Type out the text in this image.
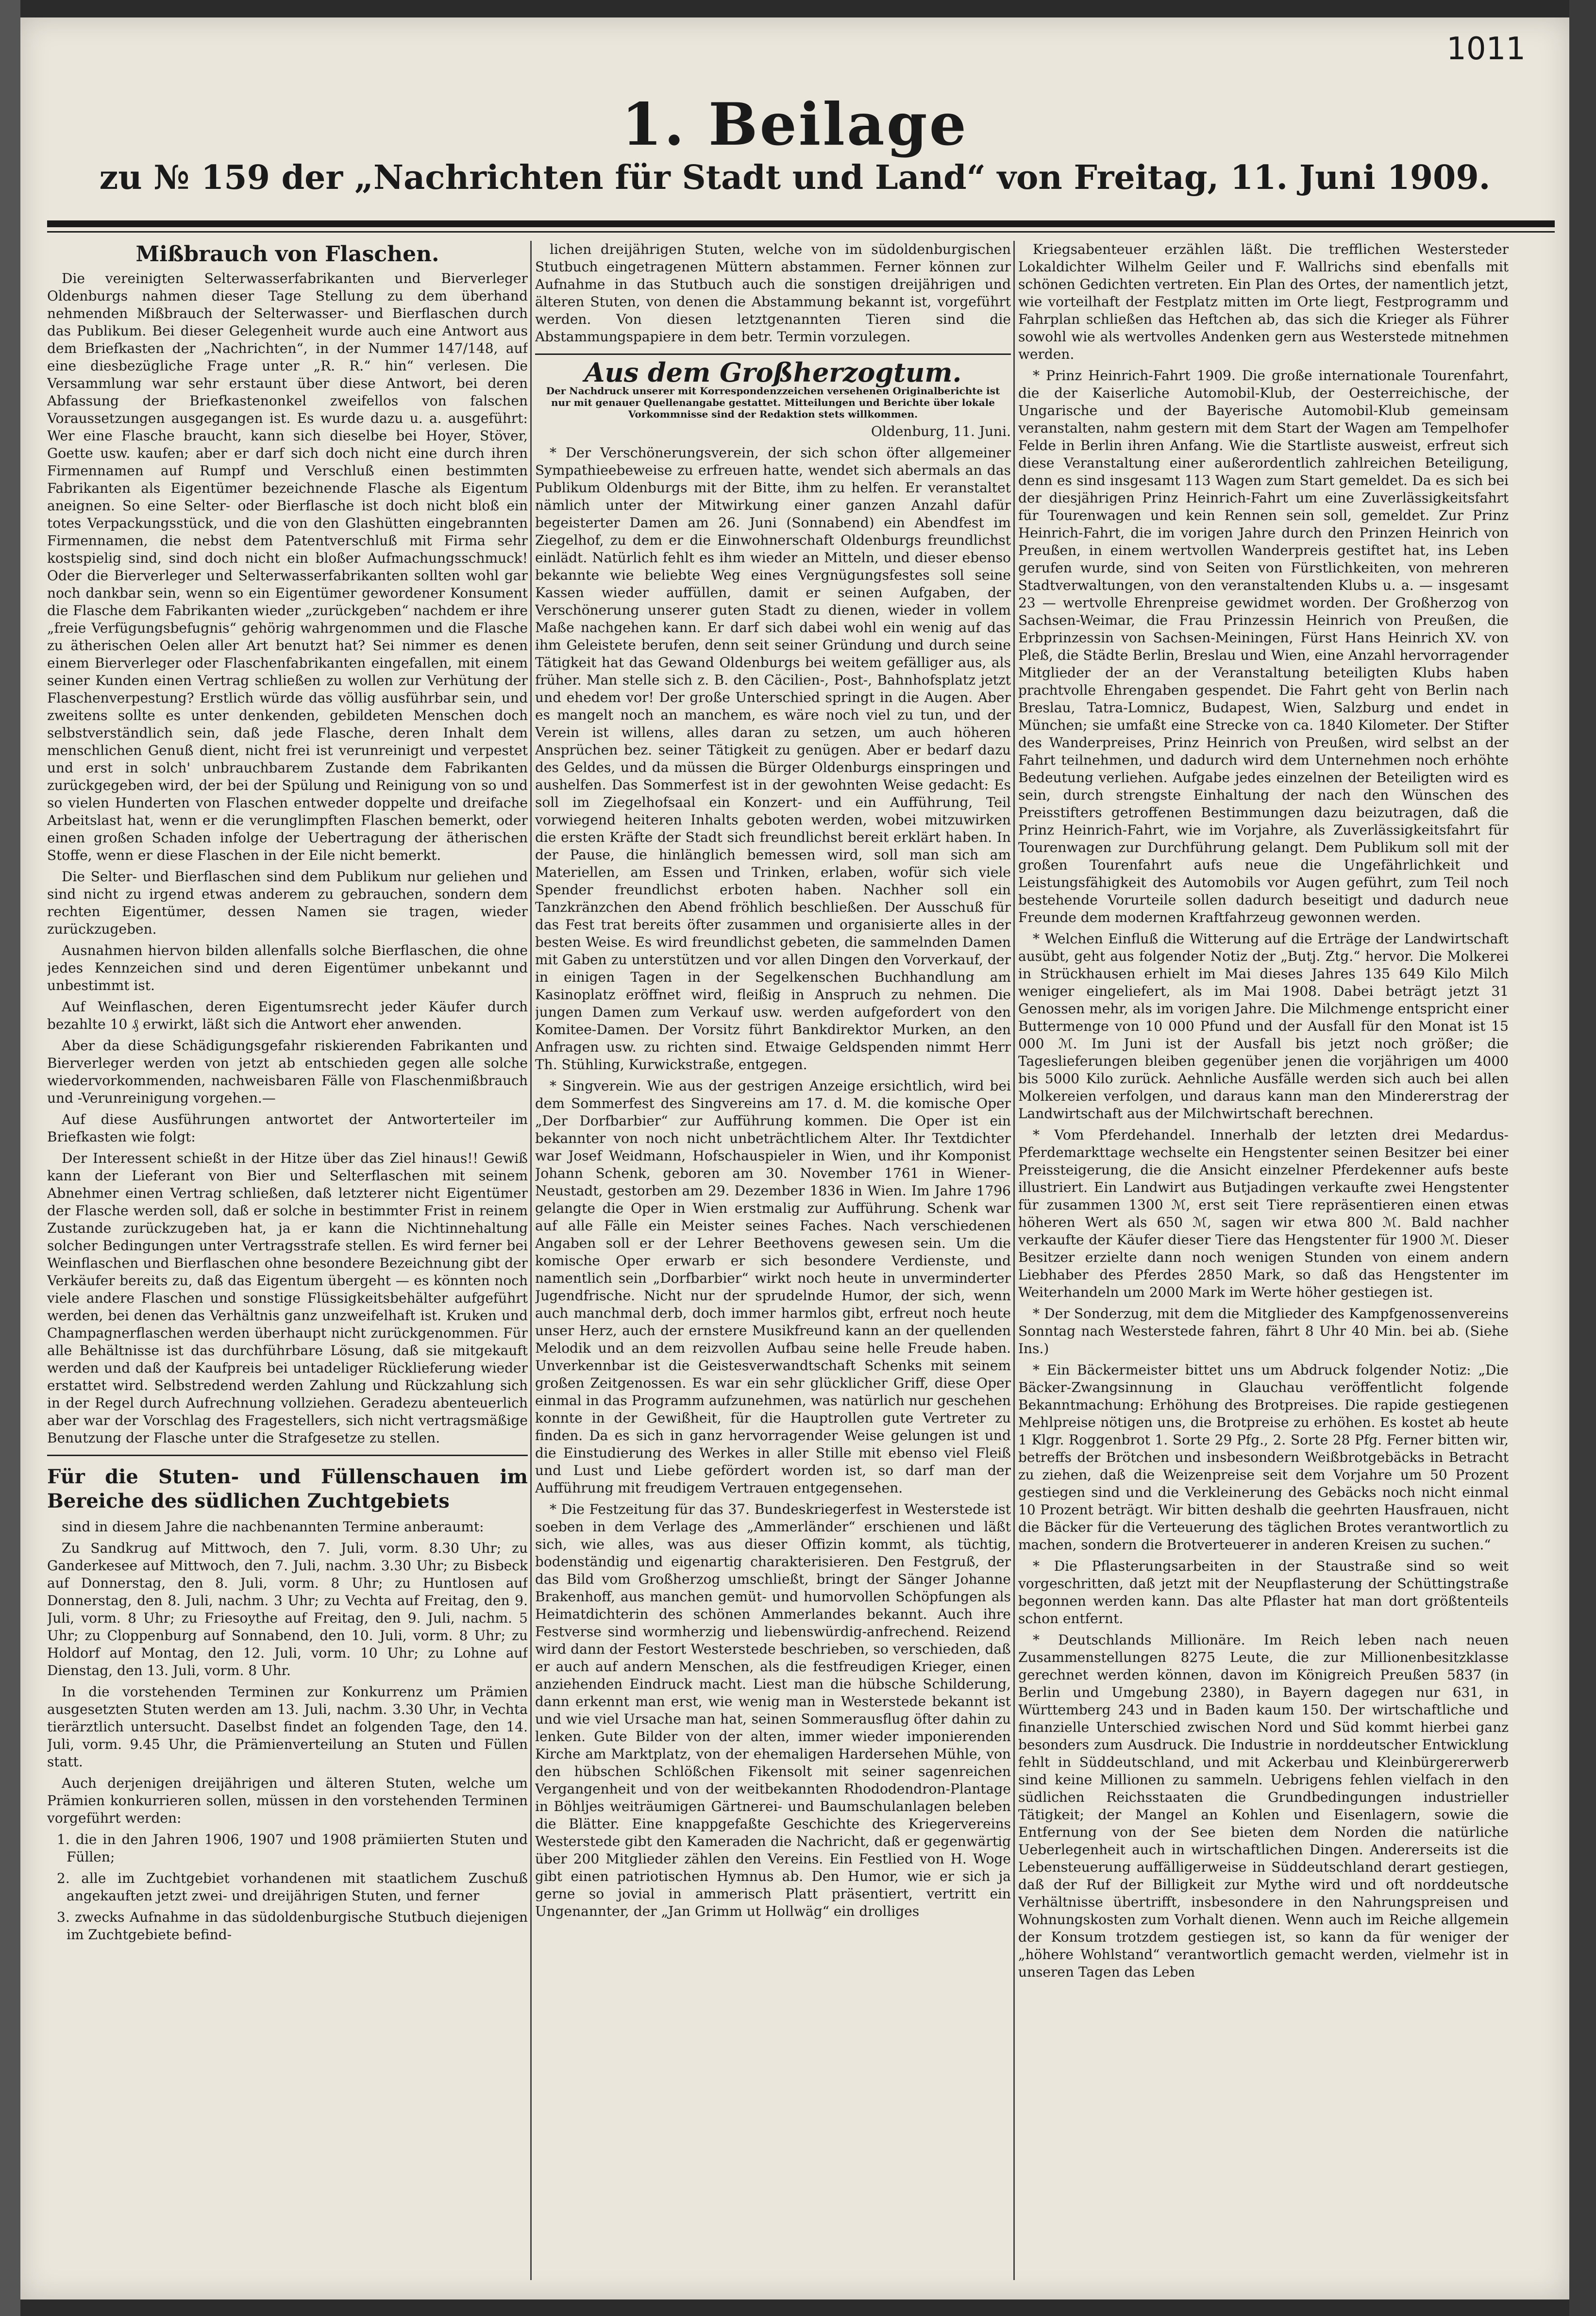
1011
1. Beilage
zu № 159 der „Nachrichten für Stadt und Land“ von Freitag, 11. Juni 1909.
Mißbrauch von Flaschen.

Die vereinigten Selterwasserfabrikanten und Bierverleger Oldenburgs nahmen dieser Tage Stellung zu dem überhand nehmenden Mißbrauch der Selterwasser- und Bierflaschen durch das Publikum. Bei dieser Gelegenheit wurde auch eine Antwort aus dem Briefkasten der „Nachrichten“, in der Nummer 147/148, auf eine diesbezügliche Frage unter „R. R.“ hin“ verlesen. Die Versammlung war sehr erstaunt über diese Antwort, bei deren Abfassung der Briefkastenonkel zweifellos von falschen Voraussetzungen ausgegangen ist. Es wurde dazu u. a. ausgeführt: Wer eine Flasche braucht, kann sich dieselbe bei Hoyer, Stöver, Goette usw. kaufen; aber er darf sich doch nicht eine durch ihren Firmennamen auf Rumpf und Verschluß einen bestimmten Fabrikanten als Eigentümer bezeichnende Flasche als Eigentum aneignen. So eine Selter- oder Bierflasche ist doch nicht bloß ein totes Verpackungsstück, und die von den Glashütten eingebrannten Firmennamen, die nebst dem Patentverschluß mit Firma sehr kostspielig sind, sind doch nicht ein bloßer Aufmachungsschmuck! Oder die Bierverleger und Selterwasserfabrikanten sollten wohl gar noch dankbar sein, wenn so ein Eigentümer gewordener Konsument die Flasche dem Fabrikanten wieder „zurückgeben“ nachdem er ihre „freie Verfügungsbefugnis“ gehörig wahrgenommen und die Flasche zu ätherischen Oelen aller Art benutzt hat? Sei nimmer es denen einem Bierverleger oder Flaschenfabrikanten eingefallen, mit einem seiner Kunden einen Vertrag schließen zu wollen zur Verhütung der Flaschenverpestung? Erstlich würde das völlig ausführbar sein, und zweitens sollte es unter denkenden, gebildeten Menschen doch selbstverständlich sein, daß jede Flasche, deren Inhalt dem menschlichen Genuß dient, nicht frei ist verunreinigt und verpestet und erst in solch' unbrauchbarem Zustande dem Fabrikanten zurückgegeben wird, der bei der Spülung und Reinigung von so und so vielen Hunderten von Flaschen entweder doppelte und dreifache Arbeitslast hat, wenn er die verunglimpften Flaschen bemerkt, oder einen großen Schaden infolge der Uebertragung der ätherischen Stoffe, wenn er diese Flaschen in der Eile nicht bemerkt.

Die Selter- und Bierflaschen sind dem Publikum nur geliehen und sind nicht zu irgend etwas anderem zu gebrauchen, sondern dem rechten Eigentümer, dessen Namen sie tragen, wieder zurückzugeben.

Ausnahmen hiervon bilden allenfalls solche Bierflaschen, die ohne jedes Kennzeichen sind und deren Eigentümer unbekannt und unbestimmt ist.

Auf Weinflaschen, deren Eigentumsrecht jeder Käufer durch bezahlte 10 ₰ erwirkt, läßt sich die Antwort eher anwenden.

Aber da diese Schädigungsgefahr riskierenden Fabrikanten und Bierverleger werden von jetzt ab entschieden gegen alle solche wiedervorkommenden, nachweisbaren Fälle von Flaschenmißbrauch und -Verunreinigung vorgehen.—

Auf diese Ausführungen antwortet der Antworterteiler im Briefkasten wie folgt:

Der Interessent schießt in der Hitze über das Ziel hinaus!! Gewiß kann der Lieferant von Bier und Selterflaschen mit seinem Abnehmer einen Vertrag schließen, daß letzterer nicht Eigentümer der Flasche werden soll, daß er solche in bestimmter Frist in reinem Zustande zurückzugeben hat, ja er kann die Nichtinnehaltung solcher Bedingungen unter Vertragsstrafe stellen. Es wird ferner bei Weinflaschen und Bierflaschen ohne besondere Bezeichnung gibt der Verkäufer bereits zu, daß das Eigentum übergeht — es könnten noch viele andere Flaschen und sonstige Flüssigkeitsbehälter aufgeführt werden, bei denen das Verhältnis ganz unzweifelhaft ist. Kruken und Champagnerflaschen werden überhaupt nicht zurückgenommen. Für alle Behältnisse ist das durchführbare Lösung, daß sie mitgekauft werden und daß der Kaufpreis bei untadeliger Rücklieferung wieder erstattet wird. Selbstredend werden Zahlung und Rückzahlung sich in der Regel durch Aufrechnung vollziehen. Geradezu abenteuerlich aber war der Vorschlag des Fragestellers, sich nicht vertragsmäßige Benutzung der Flasche unter die Strafgesetze zu stellen.

Für die Stuten- und Füllenschauen im Bereiche des südlichen Zuchtgebiets

sind in diesem Jahre die nachbenannten Termine anberaumt:

Zu Sandkrug auf Mittwoch, den 7. Juli, vorm. 8.30 Uhr; zu Ganderkesee auf Mittwoch, den 7. Juli, nachm. 3.30 Uhr; zu Bisbeck auf Donnerstag, den 8. Juli, vorm. 8 Uhr; zu Huntlosen auf Donnerstag, den 8. Juli, nachm. 3 Uhr; zu Vechta auf Freitag, den 9. Juli, vorm. 8 Uhr; zu Friesoythe auf Freitag, den 9. Juli, nachm. 5 Uhr; zu Cloppenburg auf Sonnabend, den 10. Juli, vorm. 8 Uhr; zu Holdorf auf Montag, den 12. Juli, vorm. 10 Uhr; zu Lohne auf Dienstag, den 13. Juli, vorm. 8 Uhr.

In die vorstehenden Terminen zur Konkurrenz um Prämien ausgesetzten Stuten werden am 13. Juli, nachm. 3.30 Uhr, in Vechta tierärztlich untersucht. Daselbst findet an folgenden Tage, den 14. Juli, vorm. 9.45 Uhr, die Prämienverteilung an Stuten und Füllen statt.

Auch derjenigen dreijährigen und älteren Stuten, welche um Prämien konkurrieren sollen, müssen in den vorstehenden Terminen vorgeführt werden:

1. die in den Jahren 1906, 1907 und 1908 prämiierten Stuten und Füllen;

2. alle im Zuchtgebiet vorhandenen mit staatlichem Zuschuß angekauften jetzt zwei- und dreijährigen Stuten, und ferner

3. zwecks Aufnahme in das südoldenburgische Stutbuch diejenigen im Zuchtgebiete befind-

lichen dreijährigen Stuten, welche von im südoldenburgischen Stutbuch eingetragenen Müttern abstammen. Ferner können zur Aufnahme in das Stutbuch auch die sonstigen dreijährigen und älteren Stuten, von denen die Abstammung bekannt ist, vorgeführt werden. Von diesen letztgenannten Tieren sind die Abstammungspapiere in dem betr. Termin vorzulegen.

Aus dem Großherzogtum.
Der Nachdruck unserer mit Korrespondenzzeichen versehenen Originalberichte ist nur mit genauer Quellenangabe gestattet. Mitteilungen und Berichte über lokale Vorkommnisse sind der Redaktion stets willkommen.
Oldenburg, 11. Juni.

* Der Verschönerungsverein, der sich schon öfter allgemeiner Sympathieebeweise zu erfreuen hatte, wendet sich abermals an das Publikum Oldenburgs mit der Bitte, ihm zu helfen. Er veranstaltet nämlich unter der Mitwirkung einer ganzen Anzahl dafür begeisterter Damen am 26. Juni (Sonnabend) ein Abendfest im Ziegelhof, zu dem er die Einwohnerschaft Oldenburgs freundlichst einlädt. Natürlich fehlt es ihm wieder an Mitteln, und dieser ebenso bekannte wie beliebte Weg eines Vergnügungsfestes soll seine Kassen wieder auffüllen, damit er seinen Aufgaben, der Verschönerung unserer guten Stadt zu dienen, wieder in vollem Maße nachgehen kann. Er darf sich dabei wohl ein wenig auf das ihm Geleistete berufen, denn seit seiner Gründung und durch seine Tätigkeit hat das Gewand Oldenburgs bei weitem gefälliger aus, als früher. Man stelle sich z. B. den Cäcilien-, Post-, Bahnhofsplatz jetzt und ehedem vor! Der große Unterschied springt in die Augen. Aber es mangelt noch an manchem, es wäre noch viel zu tun, und der Verein ist willens, alles daran zu setzen, um auch höheren Ansprüchen bez. seiner Tätigkeit zu genügen. Aber er bedarf dazu des Geldes, und da müssen die Bürger Oldenburgs einspringen und aushelfen. Das Sommerfest ist in der gewohnten Weise gedacht: Es soll im Ziegelhofsaal ein Konzert- und ein Aufführung, Teil vorwiegend heiteren Inhalts geboten werden, wobei mitzuwirken die ersten Kräfte der Stadt sich freundlichst bereit erklärt haben. In der Pause, die hinlänglich bemessen wird, soll man sich am Materiellen, am Essen und Trinken, erlaben, wofür sich viele Spender freundlichst erboten haben. Nachher soll ein Tanzkränzchen den Abend fröhlich beschließen. Der Ausschuß für das Fest trat bereits öfter zusammen und organisierte alles in der besten Weise. Es wird freundlichst gebeten, die sammelnden Damen mit Gaben zu unterstützen und vor allen Dingen den Vorverkauf, der in einigen Tagen in der Segelkenschen Buchhandlung am Kasinoplatz eröffnet wird, fleißig in Anspruch zu nehmen. Die jungen Damen zum Verkauf usw. werden aufgefordert von den Komitee-Damen. Der Vorsitz führt Bankdirektor Murken, an den Anfragen usw. zu richten sind. Etwaige Geldspenden nimmt Herr Th. Stühling, Kurwickstraße, entgegen.

* Singverein. Wie aus der gestrigen Anzeige ersichtlich, wird bei dem Sommerfest des Singvereins am 17. d. M. die komische Oper „Der Dorfbarbier“ zur Aufführung kommen. Die Oper ist ein bekannter von noch nicht unbeträchtlichem Alter. Ihr Textdichter war Josef Weidmann, Hofschauspieler in Wien, und ihr Komponist Johann Schenk, geboren am 30. November 1761 in Wiener-Neustadt, gestorben am 29. Dezember 1836 in Wien. Im Jahre 1796 gelangte die Oper in Wien erstmalig zur Aufführung. Schenk war auf alle Fälle ein Meister seines Faches. Nach verschiedenen Angaben soll er der Lehrer Beethovens gewesen sein. Um die komische Oper erwarb er sich besondere Verdienste, und namentlich sein „Dorfbarbier“ wirkt noch heute in unverminderter Jugendfrische. Nicht nur der sprudelnde Humor, der sich, wenn auch manchmal derb, doch immer harmlos gibt, erfreut noch heute unser Herz, auch der ernstere Musikfreund kann an der quellenden Melodik und an dem reizvollen Aufbau seine helle Freude haben. Unverkennbar ist die Geistesverwandtschaft Schenks mit seinem großen Zeitgenossen. Es war ein sehr glücklicher Griff, diese Oper einmal in das Programm aufzunehmen, was natürlich nur geschehen konnte in der Gewißheit, für die Hauptrollen gute Vertreter zu finden. Da es sich in ganz hervorragender Weise gelungen ist und die Einstudierung des Werkes in aller Stille mit ebenso viel Fleiß und Lust und Liebe gefördert worden ist, so darf man der Aufführung mit freudigem Vertrauen entgegensehen.

* Die Festzeitung für das 37. Bundeskriegerfest in Westerstede ist soeben in dem Verlage des „Ammerländer“ erschienen und läßt sich, wie alles, was aus dieser Offizin kommt, als tüchtig, bodenständig und eigenartig charakterisieren. Den Festgruß, der das Bild vom Großherzog umschließt, bringt der Sänger Johanne Brakenhoff, aus manchen gemüt- und humorvollen Schöpfungen als Heimatdichterin des schönen Ammerlandes bekannt. Auch ihre Festverse sind wormherzig und liebenswürdig-anfrechend. Reizend wird dann der Festort Westerstede beschrieben, so verschieden, daß er auch auf andern Menschen, als die festfreudigen Krieger, einen anziehenden Eindruck macht. Liest man die hübsche Schilderung, dann erkennt man erst, wie wenig man in Westerstede bekannt ist und wie viel Ursache man hat, seinen Sommerausflug öfter dahin zu lenken. Gute Bilder von der alten, immer wieder imponierenden Kirche am Marktplatz, von der ehemaligen Hardersehen Mühle, von den hübschen Schlößchen Fikensolt mit seiner sagenreichen Vergangenheit und von der weitbekannten Rhododendron-Plantage in Böhljes weiträumigen Gärtnerei- und Baumschulanlagen beleben die Blätter. Eine knappgefaßte Geschichte des Kriegervereins Westerstede gibt den Kameraden die Nachricht, daß er gegenwärtig über 200 Mitglieder zählen den Vereins. Ein Festlied von H. Woge gibt einen patriotischen Hymnus ab. Den Humor, wie er sich ja gerne so jovial in ammerisch Platt präsentiert, vertritt ein Ungenannter, der „Jan Grimm ut Hollwäg“ ein drolliges

Kriegsabenteuer erzählen läßt. Die trefflichen Westersteder Lokaldichter Wilhelm Geiler und F. Wallrichs sind ebenfalls mit schönen Gedichten vertreten. Ein Plan des Ortes, der namentlich jetzt, wie vorteilhaft der Festplatz mitten im Orte liegt, Festprogramm und Fahrplan schließen das Heftchen ab, das sich die Krieger als Führer sowohl wie als wertvolles Andenken gern aus Westerstede mitnehmen werden.

* Prinz Heinrich-Fahrt 1909. Die große internationale Tourenfahrt, die der Kaiserliche Automobil-Klub, der Oesterreichische, der Ungarische und der Bayerische Automobil-Klub gemeinsam veranstalten, nahm gestern mit dem Start der Wagen am Tempelhofer Felde in Berlin ihren Anfang. Wie die Startliste ausweist, erfreut sich diese Veranstaltung einer außerordentlich zahlreichen Beteiligung, denn es sind insgesamt 113 Wagen zum Start gemeldet. Da es sich bei der diesjährigen Prinz Heinrich-Fahrt um eine Zuverlässigkeitsfahrt für Tourenwagen und kein Rennen sein soll, gemeldet. Zur Prinz Heinrich-Fahrt, die im vorigen Jahre durch den Prinzen Heinrich von Preußen, in einem wertvollen Wanderpreis gestiftet hat, ins Leben gerufen wurde, sind von Seiten von Fürstlichkeiten, von mehreren Stadtverwaltungen, von den veranstaltenden Klubs u. a. — insgesamt 23 — wertvolle Ehrenpreise gewidmet worden. Der Großherzog von Sachsen-Weimar, die Frau Prinzessin Heinrich von Preußen, die Erbprinzessin von Sachsen-Meiningen, Fürst Hans Heinrich XV. von Pleß, die Städte Berlin, Breslau und Wien, eine Anzahl hervorragender Mitglieder der an der Veranstaltung beteiligten Klubs haben prachtvolle Ehrengaben gespendet. Die Fahrt geht von Berlin nach Breslau, Tatra-Lomnicz, Budapest, Wien, Salzburg und endet in München; sie umfaßt eine Strecke von ca. 1840 Kilometer. Der Stifter des Wanderpreises, Prinz Heinrich von Preußen, wird selbst an der Fahrt teilnehmen, und dadurch wird dem Unternehmen noch erhöhte Bedeutung verliehen. Aufgabe jedes einzelnen der Beteiligten wird es sein, durch strengste Einhaltung der nach den Wünschen des Preisstifters getroffenen Bestimmungen dazu beizutragen, daß die Prinz Heinrich-Fahrt, wie im Vorjahre, als Zuverlässigkeitsfahrt für Tourenwagen zur Durchführung gelangt. Dem Publikum soll mit der großen Tourenfahrt aufs neue die Ungefährlichkeit und Leistungsfähigkeit des Automobils vor Augen geführt, zum Teil noch bestehende Vorurteile sollen dadurch beseitigt und dadurch neue Freunde dem modernen Kraftfahrzeug gewonnen werden.

* Welchen Einfluß die Witterung auf die Erträge der Landwirtschaft ausübt, geht aus folgender Notiz der „Butj. Ztg.“ hervor. Die Molkerei in Strückhausen erhielt im Mai dieses Jahres 135 649 Kilo Milch weniger eingeliefert, als im Mai 1908. Dabei beträgt jetzt 31 Genossen mehr, als im vorigen Jahre. Die Milchmenge entspricht einer Buttermenge von 10 000 Pfund und der Ausfall für den Monat ist 15 000 ℳ. Im Juni ist der Ausfall bis jetzt noch größer; die Tageslieferungen bleiben gegenüber jenen die vorjährigen um 4000 bis 5000 Kilo zurück. Aehnliche Ausfälle werden sich auch bei allen Molkereien verfolgen, und daraus kann man den Mindererstrag der Landwirtschaft aus der Milchwirtschaft berechnen.

* Vom Pferdehandel. Innerhalb der letzten drei Medardus-Pferdemarkttage wechselte ein Hengstenter seinen Besitzer bei einer Preissteigerung, die die Ansicht einzelner Pferdekenner aufs beste illustriert. Ein Landwirt aus Butjadingen verkaufte zwei Hengstenter für zusammen 1300 ℳ, erst seit Tiere repräsentieren einen etwas höheren Wert als 650 ℳ, sagen wir etwa 800 ℳ. Bald nachher verkaufte der Käufer dieser Tiere das Hengstenter für 1900 ℳ. Dieser Besitzer erzielte dann noch wenigen Stunden von einem andern Liebhaber des Pferdes 2850 Mark, so daß das Hengstenter im Weiterhandeln um 2000 Mark im Werte höher gestiegen ist.

* Der Sonderzug, mit dem die Mitglieder des Kampfgenossenvereins Sonntag nach Westerstede fahren, fährt 8 Uhr 40 Min. bei ab. (Siehe Ins.)

* Ein Bäckermeister bittet uns um Abdruck folgender Notiz: „Die Bäcker-Zwangsinnung in Glauchau veröffentlicht folgende Bekanntmachung: Erhöhung des Brotpreises. Die rapide gestiegenen Mehlpreise nötigen uns, die Brotpreise zu erhöhen. Es kostet ab heute 1 Klgr. Roggenbrot 1. Sorte 29 Pfg., 2. Sorte 28 Pfg. Ferner bitten wir, betreffs der Brötchen und insbesondern Weißbrotgebäcks in Betracht zu ziehen, daß die Weizenpreise seit dem Vorjahre um 50 Prozent gestiegen sind und die Verkleinerung des Gebäcks noch nicht einmal 10 Prozent beträgt. Wir bitten deshalb die geehrten Hausfrauen, nicht die Bäcker für die Verteuerung des täglichen Brotes verantwortlich zu machen, sondern die Brotverteuerer in anderen Kreisen zu suchen.“

* Die Pflasterungsarbeiten in der Staustraße sind so weit vorgeschritten, daß jetzt mit der Neupflasterung der Schüttingstraße begonnen werden kann. Das alte Pflaster hat man dort größtenteils schon entfernt.

* Deutschlands Millionäre. Im Reich leben nach neuen Zusammenstellungen 8275 Leute, die zur Millionenbesitzklasse gerechnet werden können, davon im Königreich Preußen 5837 (in Berlin und Umgebung 2380), in Bayern dagegen nur 631, in Württemberg 243 und in Baden kaum 150. Der wirtschaftliche und finanzielle Unterschied zwischen Nord und Süd kommt hierbei ganz besonders zum Ausdruck. Die Industrie in norddeutscher Entwicklung fehlt in Süddeutschland, und mit Ackerbau und Kleinbürgererwerb sind keine Millionen zu sammeln. Uebrigens fehlen vielfach in den südlichen Reichsstaaten die Grundbedingungen industrieller Tätigkeit; der Mangel an Kohlen und Eisenlagern, sowie die Entfernung von der See bieten dem Norden die natürliche Ueberlegenheit auch in wirtschaftlichen Dingen. Andererseits ist die Lebensteuerung auffälligerweise in Süddeutschland derart gestiegen, daß der Ruf der Billigkeit zur Mythe wird und oft norddeutsche Verhältnisse übertrifft, insbesondere in den Nahrungspreisen und Wohnungskosten zum Vorhalt dienen. Wenn auch im Reiche allgemein der Konsum trotzdem gestiegen ist, so kann da für weniger der „höhere Wohlstand“ verantwortlich gemacht werden, vielmehr ist in unseren Tagen das Leben
